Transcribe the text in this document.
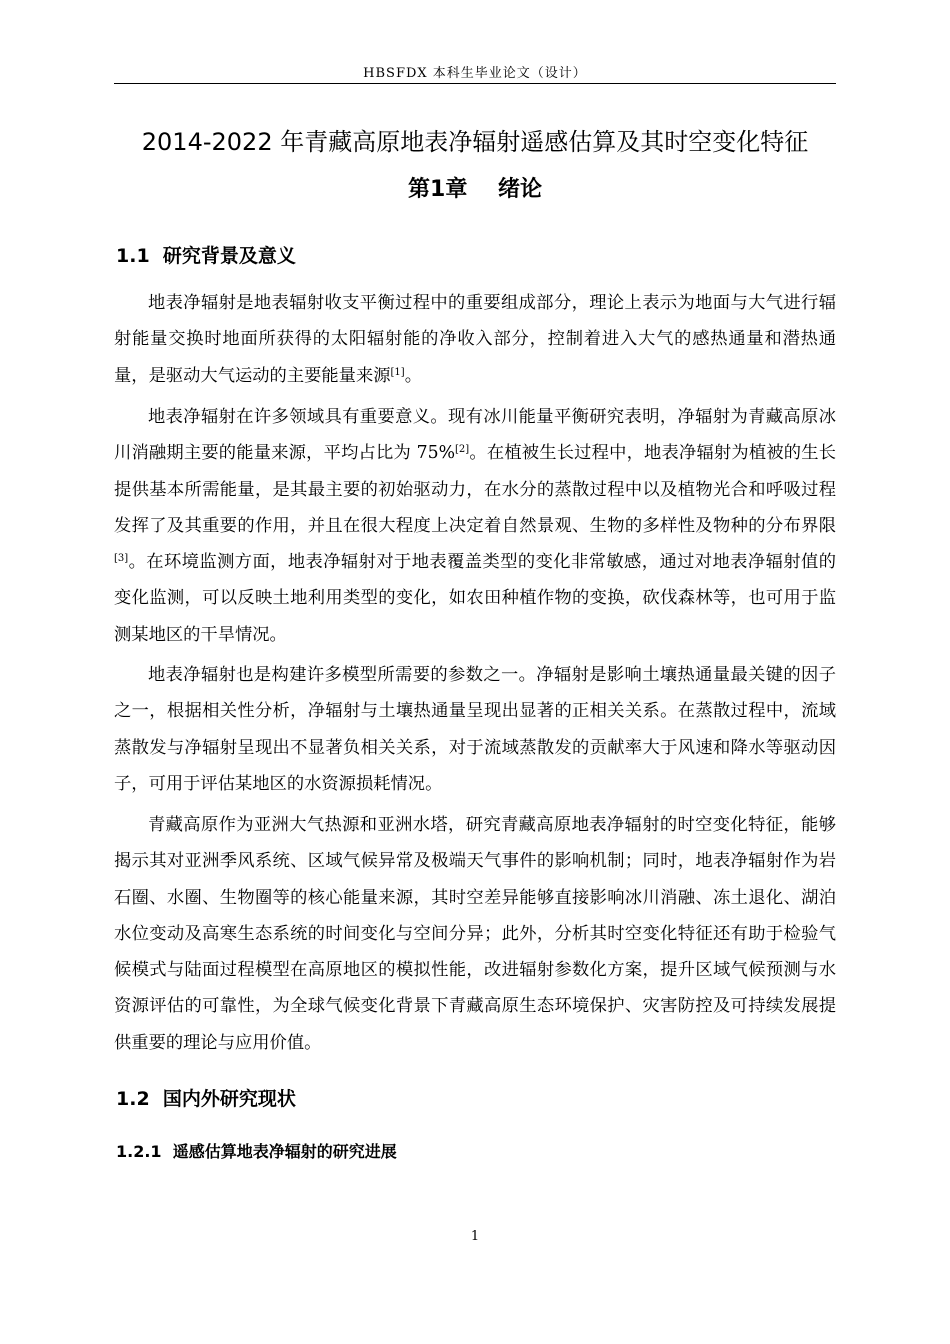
HBSFDX 本科生毕业论文（设计）
2014-2022 年青藏高原地表净辐射遥感估算及其时空变化特征
第1章 绪论
1.1 研究背景及意义

地表净辐射是地表辐射收支平衡过程中的重要组成部分，理论上表示为地面与大气进行辐射能量交换时地面所获得的太阳辐射能的净收入部分，控制着进入大气的感热通量和潜热通量，是驱动大气运动的主要能量来源[1]。

地表净辐射在许多领域具有重要意义。现有冰川能量平衡研究表明，净辐射为青藏高原冰川消融期主要的能量来源，平均占比为 75%[2]。在植被生长过程中，地表净辐射为植被的生长提供基本所需能量，是其最主要的初始驱动力，在水分的蒸散过程中以及植物光合和呼吸过程发挥了及其重要的作用，并且在很大程度上决定着自然景观、生物的多样性及物种的分布界限[3]。在环境监测方面，地表净辐射对于地表覆盖类型的变化非常敏感，通过对地表净辐射值的变化监测，可以反映土地利用类型的变化，如农田种植作物的变换，砍伐森林等，也可用于监测某地区的干旱情况。

地表净辐射也是构建许多模型所需要的参数之一。净辐射是影响土壤热通量最关键的因子之一，根据相关性分析，净辐射与土壤热通量呈现出显著的正相关关系。在蒸散过程中，流域蒸散发与净辐射呈现出不显著负相关关系，对于流域蒸散发的贡献率大于风速和降水等驱动因子，可用于评估某地区的水资源损耗情况。

青藏高原作为亚洲大气热源和亚洲水塔，研究青藏高原地表净辐射的时空变化特征，能够揭示其对亚洲季风系统、区域气候异常及极端天气事件的影响机制；同时，地表净辐射作为岩石圈、水圈、生物圈等的核心能量来源，其时空差异能够直接影响冰川消融、冻土退化、湖泊水位变动及高寒生态系统的时间变化与空间分异；此外，分析其时空变化特征还有助于检验气候模式与陆面过程模型在高原地区的模拟性能，改进辐射参数化方案，提升区域气候预测与水资源评估的可靠性，为全球气候变化背景下青藏高原生态环境保护、灾害防控及可持续发展提供重要的理论与应用价值。

1.2 国内外研究现状
1.2.1 遥感估算地表净辐射的研究进展
1
